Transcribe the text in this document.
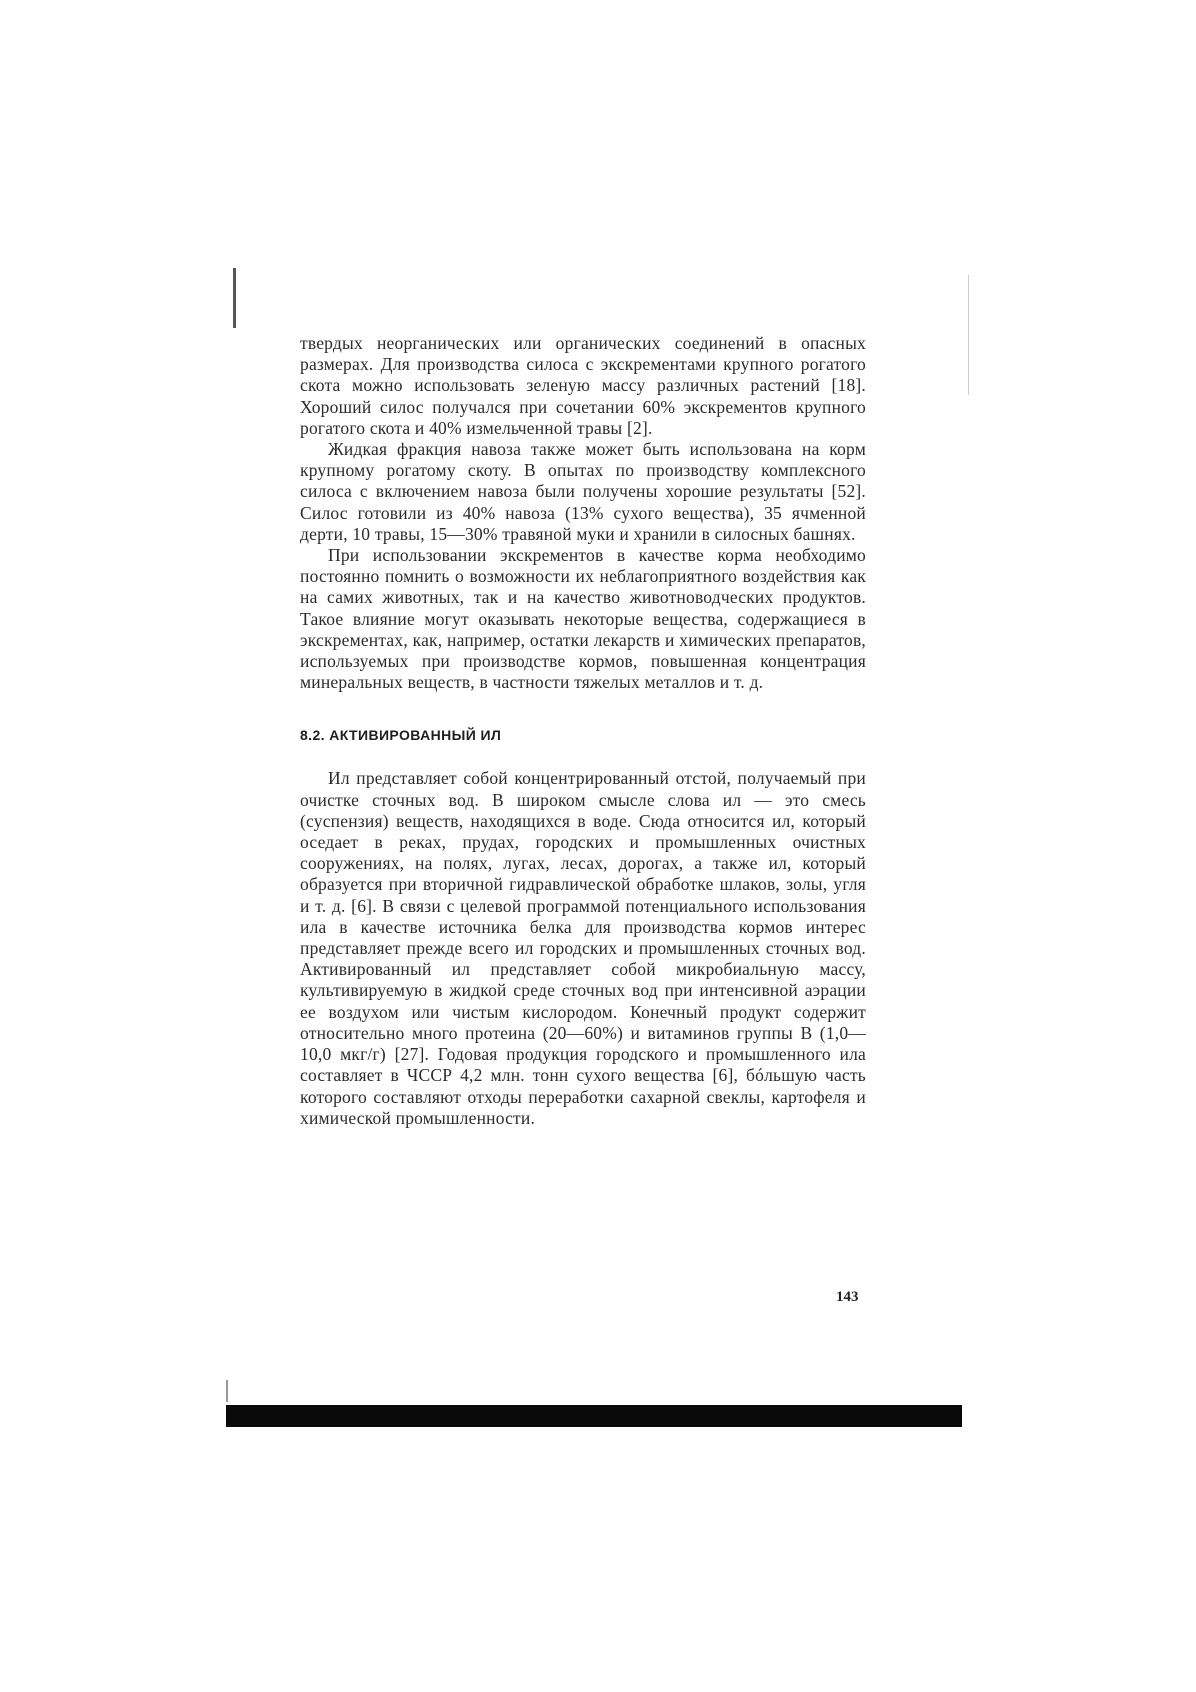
твердых неорганических или органических соединений в опасных размерах. Для производства силоса с экскрементами крупного рогатого скота можно использовать зеленую массу различных растений [18]. Хороший силос получался при сочетании 60% экскрементов крупного рогатого скота и 40% измельченной травы [2].

Жидкая фракция навоза также может быть использована на корм крупному рогатому скоту. В опытах по производству комплексного силоса с включением навоза были получены хорошие результаты [52]. Силос готовили из 40% навоза (13% сухого вещества), 35 ячменной дерти, 10 травы, 15—30% травяной муки и хранили в силосных башнях.

При использовании экскрементов в качестве корма необходимо постоянно помнить о возможности их неблагоприятного воздействия как на самих животных, так и на качество животноводческих продуктов. Такое влияние могут оказывать некоторые вещества, содержащиеся в экскрементах, как, например, остатки лекарств и химических препаратов, используемых при производстве кормов, повышенная концентрация минеральных веществ, в частности тяжелых металлов и т. д.

8.2. АКТИВИРОВАННЫЙ ИЛ

Ил представляет собой концентрированный отстой, получаемый при очистке сточных вод. В широком смысле слова ил — это смесь (суспензия) веществ, находящихся в воде. Сюда относится ил, который оседает в реках, прудах, городских и промышленных очистных сооружениях, на полях, лугах, лесах, дорогах, а также ил, который образуется при вторичной гидравлической обработке шлаков, золы, угля и т. д. [6]. В связи с целевой программой потенциального использования ила в качестве источника белка для производства кормов интерес представляет прежде всего ил городских и промышленных сточных вод. Активированный ил представляет собой микробиальную массу, культивируемую в жидкой среде сточных вод при интенсивной аэрации ее воздухом или чистым кислородом. Конечный продукт содержит относительно много протеина (20—60%) и витаминов группы B (1,0—10,0 мкг/г) [27]. Годовая продукция городского и промышленного ила составляет в ЧССР 4,2 млн. тонн сухого вещества [6], бóльшую часть которого составляют отходы переработки сахарной свеклы, картофеля и химической промышленности.

143
